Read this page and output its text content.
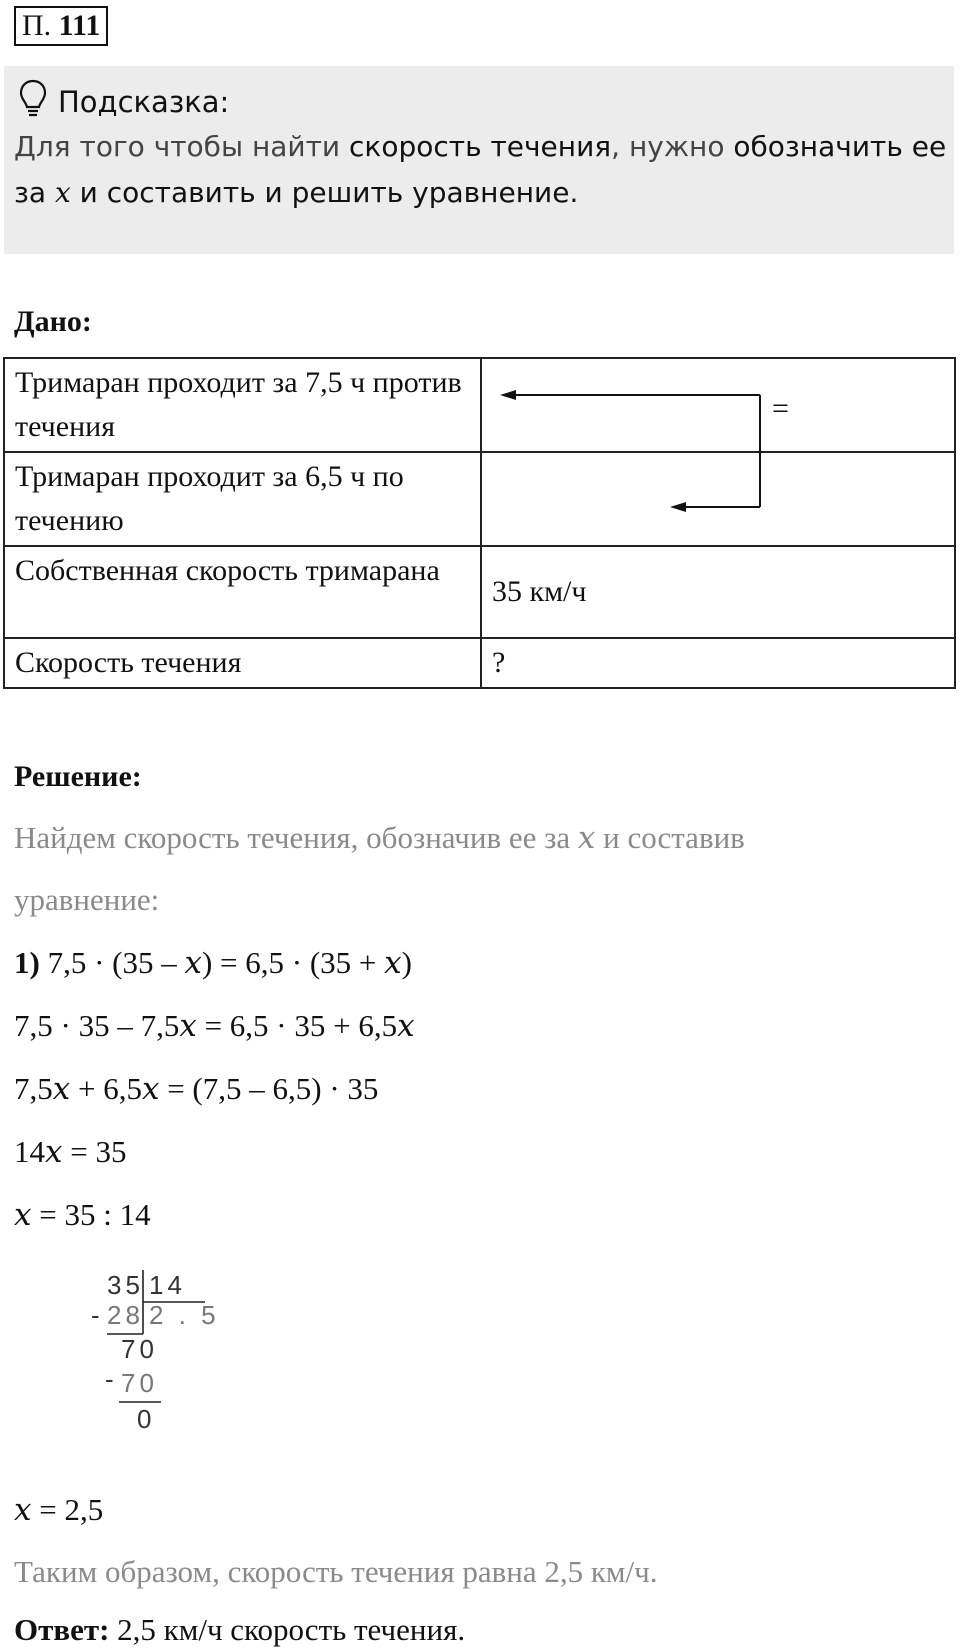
П. 111
Подсказка:
Для того чтобы найти скорость течения, нужно обозначить ее за x и составить и решить уравнение.
Дано:
Тримаран проходит за 7,5 ч против течения	
Тримаран проходит за 6,5 ч по течению	
Собственная скорость тримарана	35 км/ч
Скорость течения	?
=
Решение:
Найдем скорость течения, обозначив ее за x и составив
уравнение:
1) 7,5 · (35 – x) = 6,5 · (35 + x)
7,5 · 35 – 7,5x = 6,5 · 35 + 6,5x
7,5x + 6,5x = (7,5 – 6,5) · 35
14x = 35
x = 35 : 14
35 14
- 28 2 . 5
70
- 70
0
x = 2,5
Таким образом, скорость течения равна 2,5 км/ч.
Ответ: 2,5 км/ч скорость течения.
